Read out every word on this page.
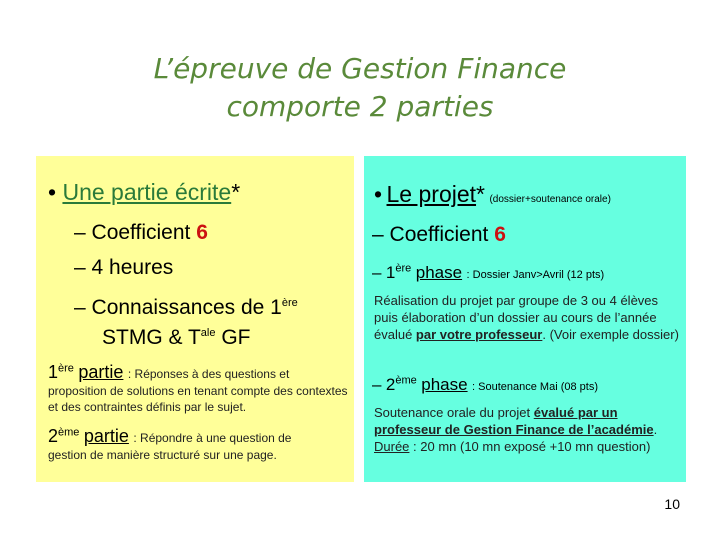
L’épreuve de Gestion Finance
comporte 2 parties
• Une partie écrite*
– Coefficient 6
– 4 heures
– Connaissances de 1ère
STMG & $T^{ale}$ GF
1ère partie : Réponses à des questions et
proposition de solutions en tenant compte des contextes et des contraintes définis par le sujet.
2ème partie : Répondre à une question de
gestion de manière structuré sur une page.
• Le projet* (dossier+soutenance orale)
– Coefficient 6
– 1ère phase : Dossier Janv>Avril (12 pts)
Réalisation du projet par groupe de 3 ou 4 élèves puis élaboration d’un dossier au cours de l’année évalué par votre professeur. (Voir exemple dossier)
– 2ème phase : Soutenance Mai (08 pts)
Soutenance orale du projet évalué par un professeur de Gestion Finance de l’académie. Durée : 20 mn (10 mn exposé +10 mn question)
10
